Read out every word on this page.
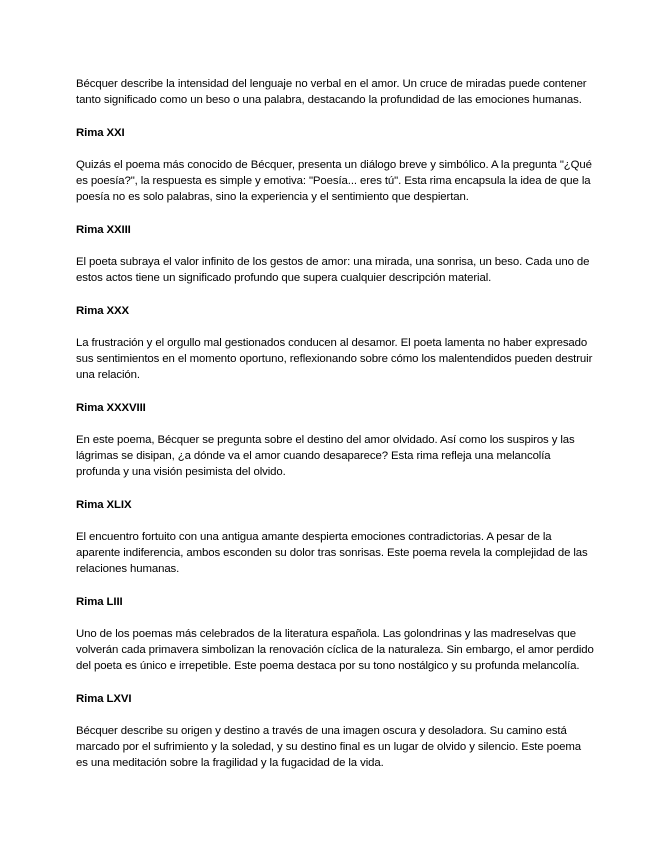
Bécquer describe la intensidad del lenguaje no verbal en el amor. Un cruce de miradas puede contener tanto significado como un beso o una palabra, destacando la profundidad de las emociones humanas.

Rima XXI

Quizás el poema más conocido de Bécquer, presenta un diálogo breve y simbólico. A la pregunta "¿Qué es poesía?", la respuesta es simple y emotiva: "Poesía... eres tú". Esta rima encapsula la idea de que la poesía no es solo palabras, sino la experiencia y el sentimiento que despiertan.

Rima XXIII

El poeta subraya el valor infinito de los gestos de amor: una mirada, una sonrisa, un beso. Cada uno de estos actos tiene un significado profundo que supera cualquier descripción material.

Rima XXX

La frustración y el orgullo mal gestionados conducen al desamor. El poeta lamenta no haber expresado sus sentimientos en el momento oportuno, reflexionando sobre cómo los malentendidos pueden destruir una relación.

Rima XXXVIII

En este poema, Bécquer se pregunta sobre el destino del amor olvidado. Así como los suspiros y las lágrimas se disipan, ¿a dónde va el amor cuando desaparece? Esta rima refleja una melancolía profunda y una visión pesimista del olvido.

Rima XLIX

El encuentro fortuito con una antigua amante despierta emociones contradictorias. A pesar de la aparente indiferencia, ambos esconden su dolor tras sonrisas. Este poema revela la complejidad de las relaciones humanas.

Rima LIII

Uno de los poemas más celebrados de la literatura española. Las golondrinas y las madreselvas que volverán cada primavera simbolizan la renovación cíclica de la naturaleza. Sin embargo, el amor perdido del poeta es único e irrepetible. Este poema destaca por su tono nostálgico y su profunda melancolía.

Rima LXVI

Bécquer describe su origen y destino a través de una imagen oscura y desoladora. Su camino está marcado por el sufrimiento y la soledad, y su destino final es un lugar de olvido y silencio. Este poema es una meditación sobre la fragilidad y la fugacidad de la vida.
